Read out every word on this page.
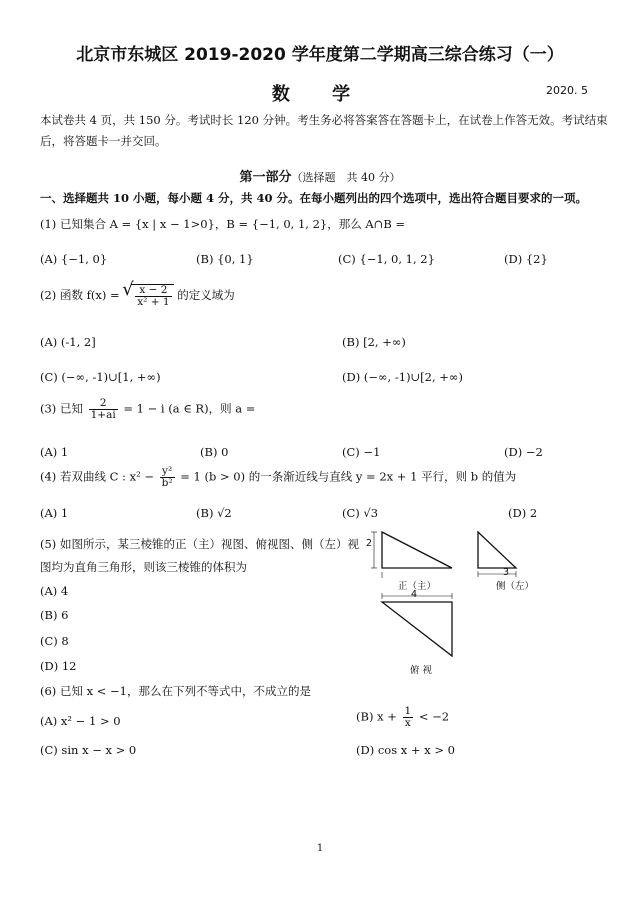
北京市东城区 2019-2020 学年度第二学期高三综合练习（一）
数 学	2020. 5
本试卷共 4 页，共 150 分。考试时长 120 分钟。考生务必将答案答在答题卡上，在试卷上作答无效。考试结束后，将答题卡一并交回。
第一部分（选择题　共 40 分）
一、选择题共 10 小题，每小题 4 分，共 40 分。在每小题列出的四个选项中，选出符合题目要求的一项。
(1) 已知集合 A = {x | x − 1>0}，B = {−1, 0, 1, 2}，那么 A∩B =
(A) {−1, 0}	(B) {0, 1}	(C) {−1, 0, 1, 2}	(D) {2}
(2) 函数 f(x) =
√ $\frac{x - 2}{\text{x² + 1}}$ 的定义域为
(A) (-1, 2]	(B) [2, +∞)
(C) (−∞, -1)∪[1, +∞)	(D) (−∞, -1)∪[2, +∞)
(3) 已知 $\frac{2}{1+ai} = 1 - i$ (a ∈ R)，则 a =
(A) 1	(B) 0	(C) −1	(D) −2
(4) 若双曲线 C : $x^2 - \frac{\text{y²}}{\text{b²}} = 1$ (b > 0) 的一条渐近线与直线 y = 2x + 1 平行，则 b 的值为
(A) 1	(B) √2	(C) √3	(D) 2
(5) 如图所示，某三棱锥的正（主）视图、俯视图、侧（左）视
图均为直角三角形，则该三棱锥的体积为
(A) 4
(B) 6
(C) 8
(D) 12
2
3
4
正（主）	侧（左）
俯 视
(6) 已知 x < −1，那么在下列不等式中，不成立的是
(A) x² − 1 > 0	(B) $x + \frac{1}{x} < -2$
(C) sin x − x > 0	(D) cos x + x > 0
1
